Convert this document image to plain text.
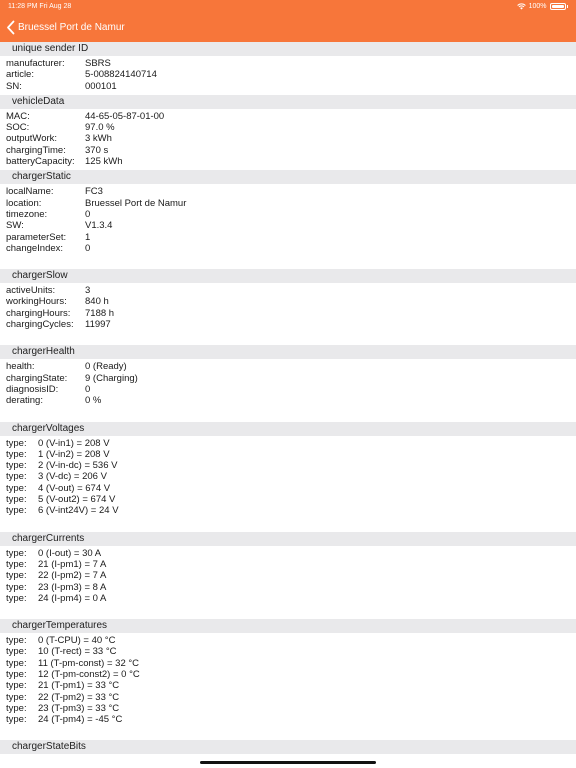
11:28 PM Fri Aug 28	100%
Bruessel Port de Namur
unique sender ID
manufacturer: SBRS
article:	5-008824140714
SN:	000101
vehicleData
MAC:	44-65-05-87-01-00
SOC:	97.0 %
outputWork:	3 kWh
chargingTime: 370 s
batteryCapacity: 125 kWh
chargerStatic
localName:	FC3
location:	Bruessel Port de Namur
timezone:	0
SW:	V1.3.4
parameterSet: 1
changeIndex: 0
chargerSlow
activeUnits:	3
workingHours: 840 h
chargingHours: 7188 h
chargingCycles: 11997
chargerHealth
health:	0 (Ready)
chargingState: 9 (Charging)
diagnosisID:	0
derating:	0 %
chargerVoltages
type: 0 (V-in1) = 208 V
type: 1 (V-in2) = 208 V
type: 2 (V-in-dc) = 536 V
type: 3 (V-dc) = 206 V
type: 4 (V-out) = 674 V
type: 5 (V-out2) = 674 V
type: 6 (V-int24V) = 24 V
chargerCurrents
type: 0 (I-out) = 30 A
type: 21 (I-pm1) = 7 A
type: 22 (I-pm2) = 7 A
type: 23 (I-pm3) = 8 A
type: 24 (I-pm4) = 0 A
chargerTemperatures
type: 0 (T-CPU) = 40 °C
type: 10 (T-rect) = 33 °C
type: 11 (T-pm-const) = 32 °C
type: 12 (T-pm-const2) = 0 °C
type: 21 (T-pm1) = 33 °C
type: 22 (T-pm2) = 33 °C
type: 23 (T-pm3) = 33 °C
type: 24 (T-pm4) = -45 °C
chargerStateBits
